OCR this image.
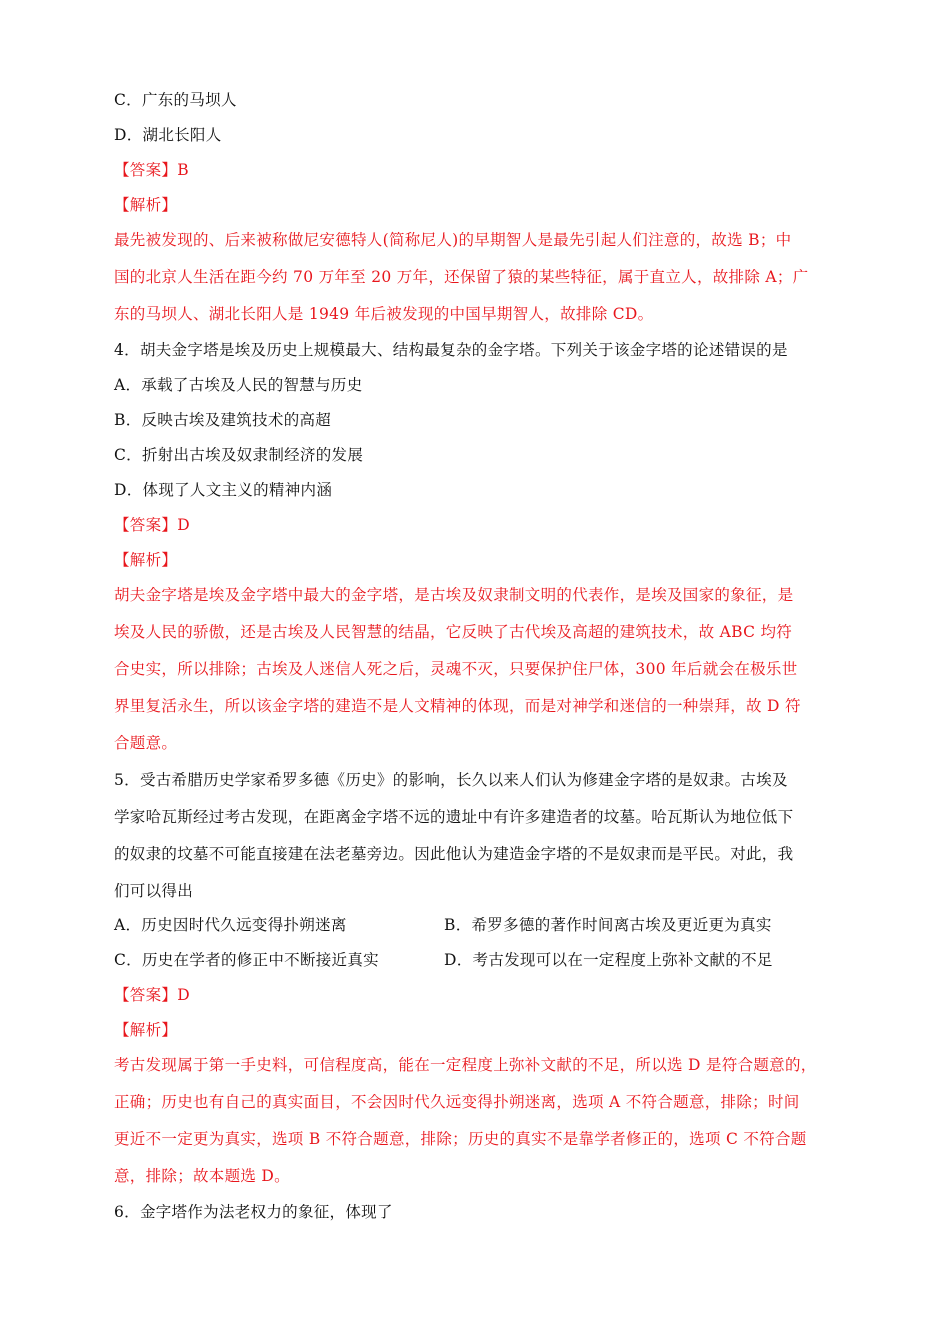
C．广东的马坝人
D．湖北长阳人
【答案】B
【解析】
最先被发现的、后来被称做尼安德特人(简称尼人)的早期智人是最先引起人们注意的，故选 B；中
国的北京人生活在距今约 70 万年至 20 万年，还保留了猿的某些特征，属于直立人，故排除 A；广
东的马坝人、湖北长阳人是 1949 年后被发现的中国早期智人，故排除 CD。
4．胡夫金字塔是埃及历史上规模最大、结构最复杂的金字塔。下列关于该金字塔的论述错误的是
A．承载了古埃及人民的智慧与历史
B．反映古埃及建筑技术的高超
C．折射出古埃及奴隶制经济的发展
D．体现了人文主义的精神内涵
【答案】D
【解析】
胡夫金字塔是埃及金字塔中最大的金字塔，是古埃及奴隶制文明的代表作，是埃及国家的象征，是
埃及人民的骄傲，还是古埃及人民智慧的结晶，它反映了古代埃及高超的建筑技术，故 ABC 均符
合史实，所以排除；古埃及人迷信人死之后，灵魂不灭，只要保护住尸体，300 年后就会在极乐世
界里复活永生，所以该金字塔的建造不是人文精神的体现，而是对神学和迷信的一种崇拜，故 D 符
合题意。
5．受古希腊历史学家希罗多德《历史》的影响，长久以来人们认为修建金字塔的是奴隶。古埃及
学家哈瓦斯经过考古发现，在距离金字塔不远的遗址中有许多建造者的坟墓。哈瓦斯认为地位低下
的奴隶的坟墓不可能直接建在法老墓旁边。因此他认为建造金字塔的不是奴隶而是平民。对此，我
们可以得出
A．历史因时代久远变得扑朔迷离	B．希罗多德的著作时间离古埃及更近更为真实
C．历史在学者的修正中不断接近真实	D．考古发现可以在一定程度上弥补文献的不足
【答案】D
【解析】
考古发现属于第一手史料，可信程度高，能在一定程度上弥补文献的不足，所以选 D 是符合题意的，
正确；历史也有自己的真实面目，不会因时代久远变得扑朔迷离，选项 A 不符合题意，排除；时间
更近不一定更为真实，选项 B 不符合题意，排除；历史的真实不是靠学者修正的，选项 C 不符合题
意，排除；故本题选 D。
6．金字塔作为法老权力的象征，体现了
